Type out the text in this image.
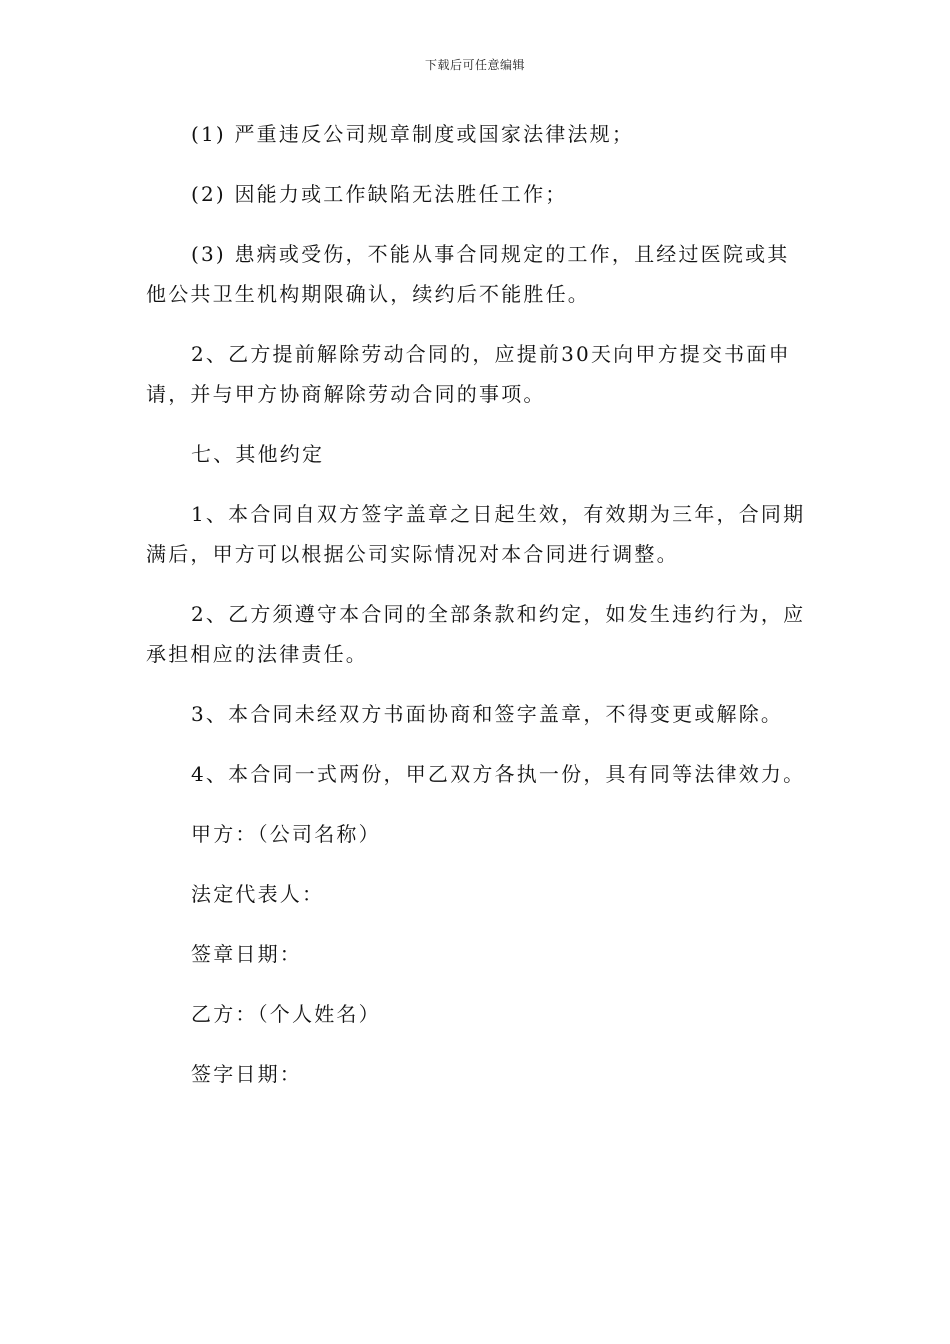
下载后可任意编辑

(1) 严重违反公司规章制度或国家法律法规；

(2) 因能力或工作缺陷无法胜任工作；

(3) 患病或受伤，不能从事合同规定的工作，且经过医院或其他公共卫生机构期限确认，续约后不能胜任。

2、乙方提前解除劳动合同的，应提前30天向甲方提交书面申请，并与甲方协商解除劳动合同的事项。

七、其他约定

1、本合同自双方签字盖章之日起生效，有效期为三年，合同期满后，甲方可以根据公司实际情况对本合同进行调整。

2、乙方须遵守本合同的全部条款和约定，如发生违约行为，应承担相应的法律责任。

3、本合同未经双方书面协商和签字盖章，不得变更或解除。

4、本合同一式两份，甲乙双方各执一份，具有同等法律效力。

甲方：（公司名称）

法定代表人：

签章日期：

乙方：（个人姓名）

签字日期：
